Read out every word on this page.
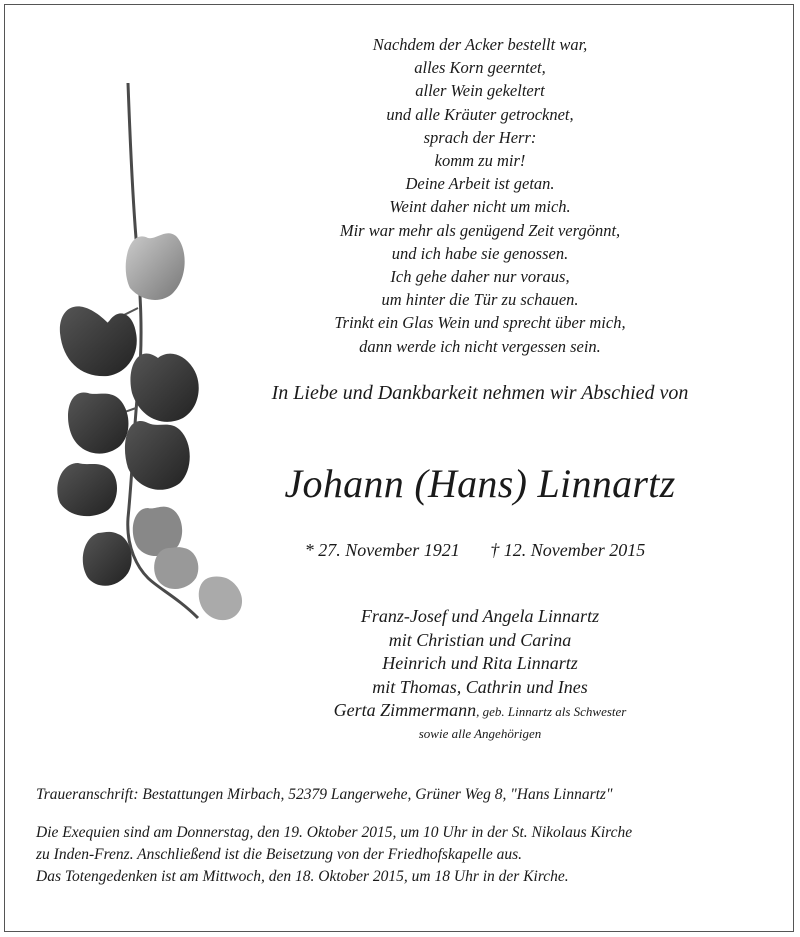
Nachdem der Acker bestellt war,
alles Korn geerntet,
aller Wein gekeltert
und alle Kräuter getrocknet,
sprach der Herr:
komm zu mir!
Deine Arbeit ist getan.
Weint daher nicht um mich.
Mir war mehr als genügend Zeit vergönnt,
und ich habe sie genossen.
Ich gehe daher nur voraus,
um hinter die Tür zu schauen.
Trinkt ein Glas Wein und sprecht über mich,
dann werde ich nicht vergessen sein.
In Liebe und Dankbarkeit nehmen wir Abschied von
Johann (Hans) Linnartz
* 27. November 1921 † 12. November 2015
Franz-Josef und Angela Linnartz
mit Christian und Carina
Heinrich und Rita Linnartz
mit Thomas, Cathrin und Ines
Gerta Zimmermann, geb. Linnartz als Schwester
sowie alle Angehörigen
Traueranschrift: Bestattungen Mirbach, 52379 Langerwehe, Grüner Weg 8, "Hans Linnartz"
Die Exequien sind am Donnerstag, den 19. Oktober 2015, um 10 Uhr in der St. Nikolaus Kirche
zu Inden-Frenz. Anschließend ist die Beisetzung von der Friedhofskapelle aus.
Das Totengedenken ist am Mittwoch, den 18. Oktober 2015, um 18 Uhr in der Kirche.
